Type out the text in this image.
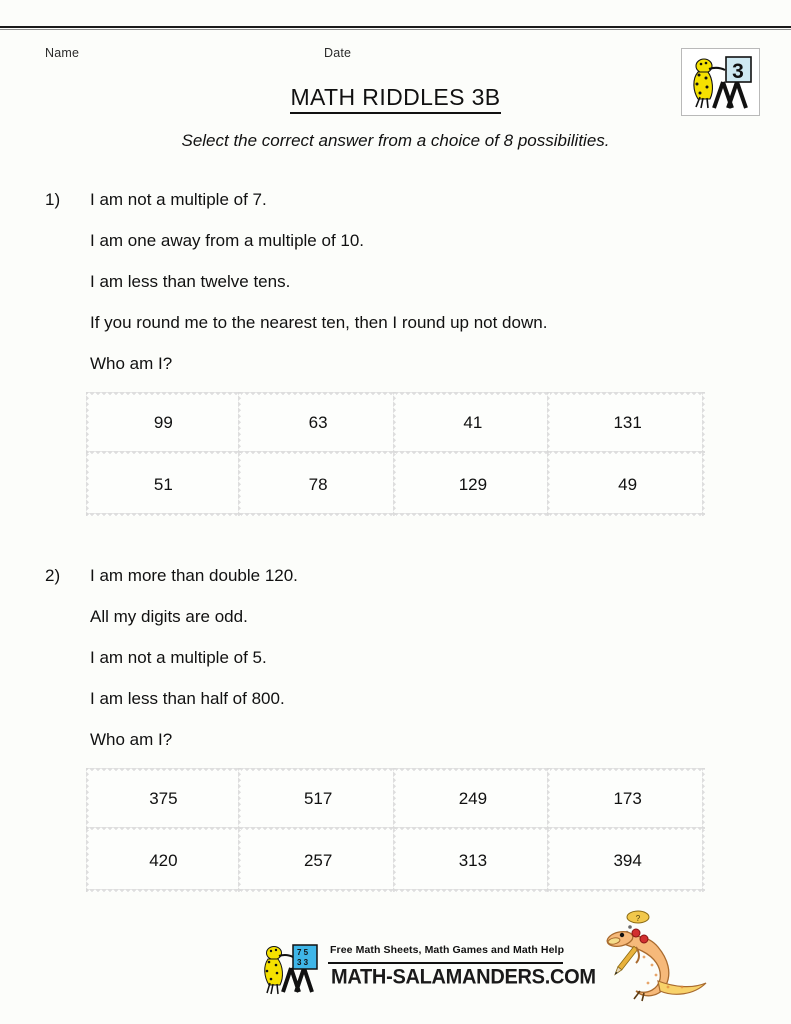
Name	Date
MATH RIDDLES 3B
Select the correct answer from a choice of 8 possibilities.
3
1) I am not a multiple of 7.
I am one away from a multiple of 10.
I am less than twelve tens.
If you round me to the nearest ten, then I round up not down.
Who am I?
99	63	41	131
51	78	129	49
2) I am more than double 120.
All my digits are odd.
I am not a multiple of 5.
I am less than half of 800.
Who am I?
375	517	249	173
420	257	313	394
7 5
3 3
Free Math Sheets, Math Games and Math Help
MATH-SALAMANDERS.COM
?
